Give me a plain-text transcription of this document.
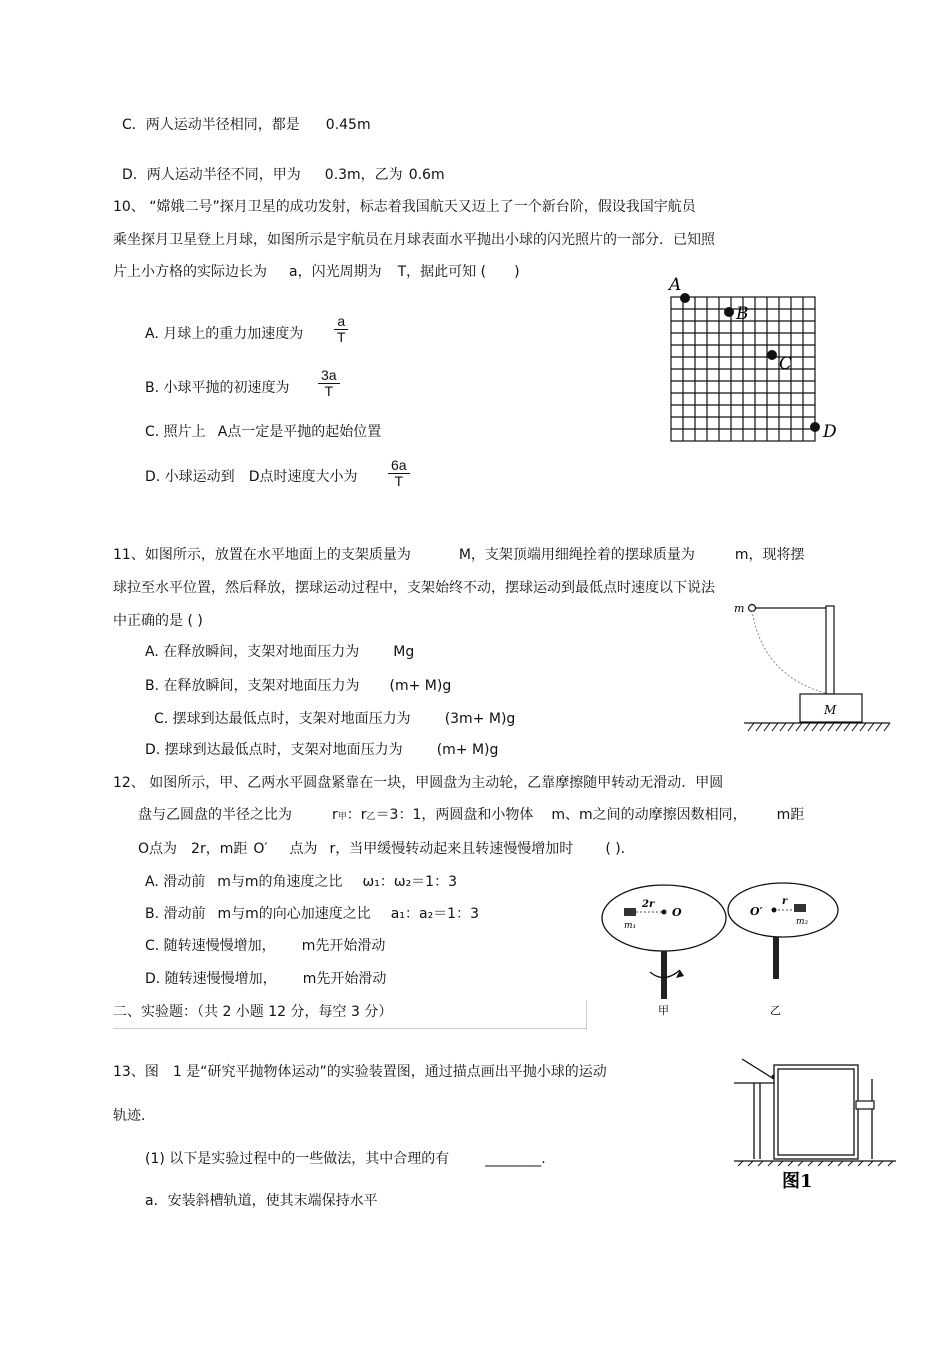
C．两人运动半径相同，都是 0.45m
D．两人运动半径不同，甲为 0.3m，乙为 0.6m
10、 “嫦娥二号”探月卫星的成功发射，标志着我国航天又迈上了一个新台阶，假设我国宇航员
乘坐探月卫星登上月球，如图所示是宇航员在月球表面水平抛出小球的闪光照片的一部分．已知照
片上小方格的实际边长为 a，闪光周期为 T，据此可知 ( )
A. 月球上的重力加速度为 $\frac{a}{T}$
B. 小球平抛的初速度为 $\frac{3a}{T}$
C. 照片上 A点一定是平抛的起始位置
D. 小球运动到 D点时速度大小为 $\frac{6a}{T}$
A
B
C
D
11、如图所示，放置在水平地面上的支架质量为	M，支架顶端用细绳拴着的摆球质量为	m，现将摆
球拉至水平位置，然后释放，摆球运动过程中，支架始终不动，摆球运动到最低点时速度以下说法
中正确的是 ( )
A. 在释放瞬间，支架对地面压力为 Mg
B. 在释放瞬间，支架对地面压力为 (m+ M)g
C. 摆球到达最低点时，支架对地面压力为 (3m+ M)g
D. 摆球到达最低点时，支架对地面压力为 (m+ M)g
m
M
12、 如图所示，甲、乙两水平圆盘紧靠在一块，甲圆盘为主动轮，乙靠摩擦随甲转动无滑动．甲圆
盘与乙圆盘的半径之比为	r甲：r乙＝3：1，两圆盘和小物体 m、m之间的动摩擦因数相同， m距
O点为 2r，m距 O′ 点为 r，当甲缓慢转动起来且转速慢慢增加时 ( )．
A. 滑动前 m与m的角速度之比 ω₁：ω₂＝1：3
B. 滑动前 m与m的向心加速度之比 a₁：a₂＝1：3
C. 随转速慢慢增加， m先开始滑动
D. 随转速慢慢增加， m先开始滑动
2r
O
m₁
O′
r
m₂
甲	乙
二、实验题：（共 2 小题 12 分，每空 3 分）
13、图 1 是“研究平抛物体运动”的实验装置图，通过描点画出平抛小球的运动
轨迹.
(1) 以下是实验过程中的一些做法，其中合理的有	________.
a．安装斜槽轨道，使其末端保持水平
图1
